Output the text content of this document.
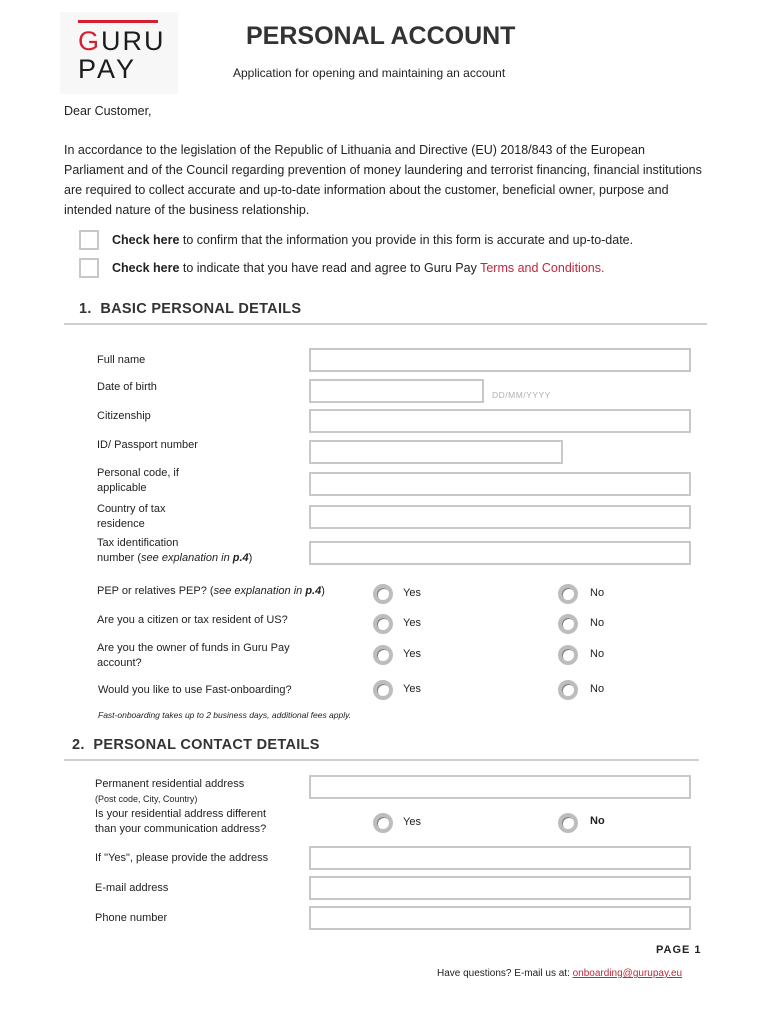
GURU
PAY
PERSONAL ACCOUNT
Application for opening and maintaining an account
Dear Customer,
In accordance to the legislation of the Republic of Lithuania and Directive (EU) 2018/843 of the European Parliament and of the Council regarding prevention of money laundering and terrorist financing, financial institutions are required to collect accurate and up-to-date information about the customer, beneficial owner, purpose and intended nature of the business relationship.
Check here to confirm that the information you provide in this form is accurate and up-to-date.
Check here to indicate that you have read and agree to Guru Pay Terms and Conditions.
1. BASIC PERSONAL DETAILS
Full name
Date of birth
DD/MM/YYYY
Citizenship
ID/ Passport number
Personal code, if
applicable
Country of tax
residence
Tax identification
number (see explanation in p.4)
PEP or relatives PEP? (see explanation in p.4)	Yes	No
Are you a citizen or tax resident of US?	Yes	No
Are you the owner of funds in Guru Pay
account?
Yes	No
Would you like to use Fast-onboarding?	Yes	No
Fast-onboarding takes up to 2 business days, additional fees apply.
2. PERSONAL CONTACT DETAILS
Permanent residential address
(Post code, City, Country)
Is your residential address different
than your communication address?
Yes	No
If "Yes", please provide the address
E-mail address
Phone number
PAGE 1
Have questions? E-mail us at: onboarding@gurupay.eu
